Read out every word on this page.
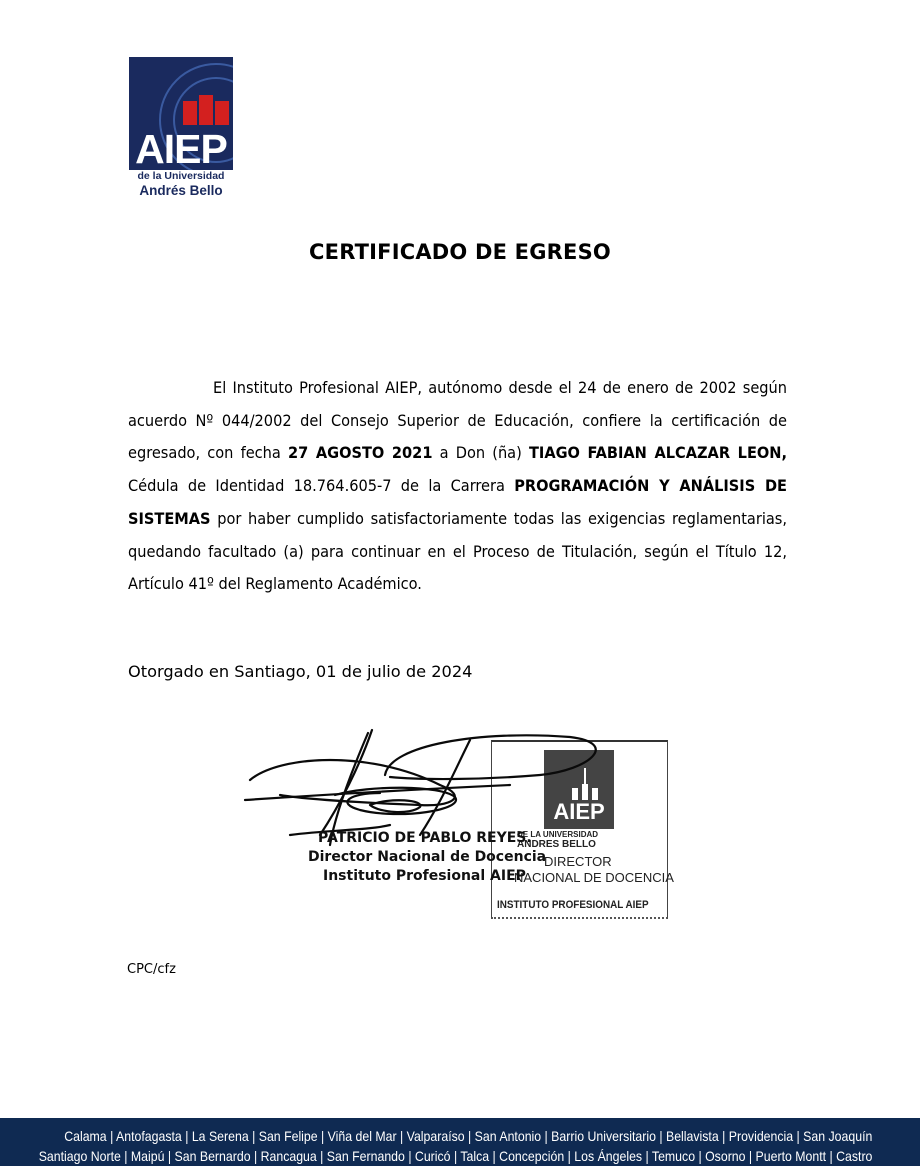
AIEP
de la Universidad
Andrés Bello
CERTIFICADO DE EGRESO

El Instituto Profesional AIEP, autónomo desde el 24 de enero de 2002 según acuerdo Nº 044/2002 del Consejo Superior de Educación, confiere la certificación de egresado, con fecha 27 AGOSTO 2021 a Don (ña) TIAGO FABIAN ALCAZAR LEON, Cédula de Identidad 18.764.605-7 de la Carrera PROGRAMACIÓN Y ANÁLISIS DE SISTEMAS por haber cumplido satisfactoriamente todas las exigencias reglamentarias, quedando facultado (a) para continuar en el Proceso de Titulación, según el Título 12, Artículo 41º del Reglamento Académico.

Otorgado en Santiago, 01 de julio de 2024
AIEP
DE LA UNIVERSIDAD
ANDRES BELLO
DIRECTOR
NACIONAL DE DOCENCIA
INSTITUTO PROFESIONAL AIEP
PATRICIO DE PABLO REYES.
Director Nacional de Docencia
Instituto Profesional AIEP
CPC/cfz
Calama | Antofagasta | La Serena | San Felipe | Viña del Mar | Valparaíso | San Antonio | Barrio Universitario | Bellavista | Providencia | San Joaquín
Santiago Norte | Maipú | San Bernardo | Rancagua | San Fernando | Curicó | Talca | Concepción | Los Ángeles | Temuco | Osorno | Puerto Montt | Castro
